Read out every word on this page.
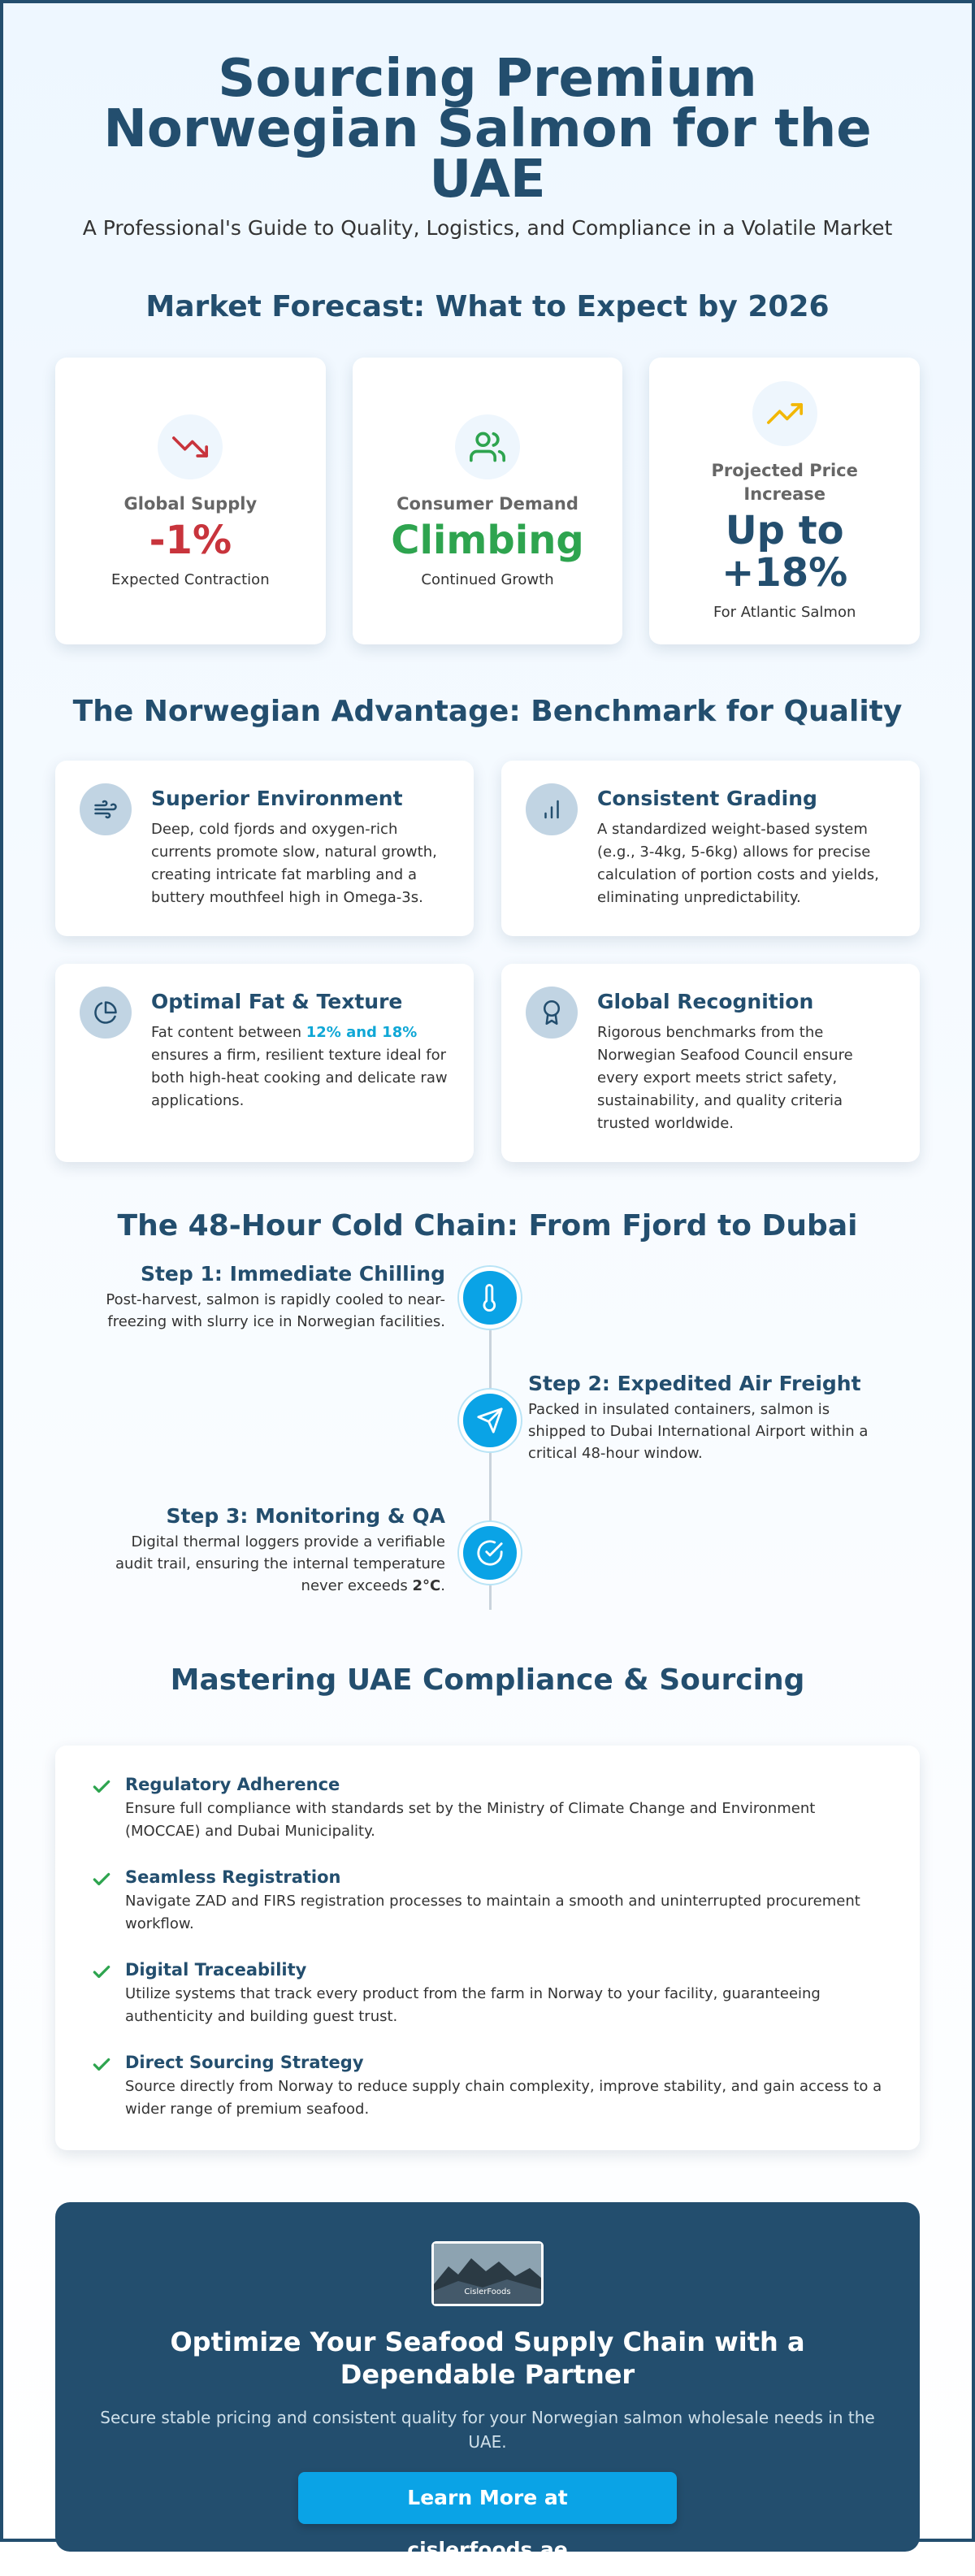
Sourcing Premium Norwegian Salmon for the UAE

A Professional's Guide to Quality, Logistics, and Compliance in a Volatile Market

Market Forecast: What to Expect by 2026
Global Supply
-1%
Expected Contraction
Consumer Demand
Climbing
Continued Growth
Projected Price Increase
Up to +18%
For Atlantic Salmon
The Norwegian Advantage: Benchmark for Quality
Superior Environment
Deep, cold fjords and oxygen-rich currents promote slow, natural growth, creating intricate fat marbling and a buttery mouthfeel high in Omega-3s.
Consistent Grading
A standardized weight-based system (e.g., 3-4kg, 5-6kg) allows for precise calculation of portion costs and yields, eliminating unpredictability.
Optimal Fat & Texture
Fat content between 12% and 18% ensures a firm, resilient texture ideal for both high-heat cooking and delicate raw applications.
Global Recognition
Rigorous benchmarks from the Norwegian Seafood Council ensure every export meets strict safety, sustainability, and quality criteria trusted worldwide.
The 48-Hour Cold Chain: From Fjord to Dubai
Step 1: Immediate Chilling
Post-harvest, salmon is rapidly cooled to near-freezing with slurry ice in Norwegian facilities.
Step 2: Expedited Air Freight
Packed in insulated containers, salmon is shipped to Dubai International Airport within a critical 48-hour window.
Step 3: Monitoring & QA
Digital thermal loggers provide a verifiable audit trail, ensuring the internal temperature never exceeds 2°C.
Mastering UAE Compliance & Sourcing
Regulatory Adherence
Ensure full compliance with standards set by the Ministry of Climate Change and Environment (MOCCAE) and Dubai Municipality.
Seamless Registration
Navigate ZAD and FIRS registration processes to maintain a smooth and uninterrupted procurement workflow.
Digital Traceability
Utilize systems that track every product from the farm in Norway to your facility, guaranteeing authenticity and building guest trust.
Direct Sourcing Strategy
Source directly from Norway to reduce supply chain complexity, improve stability, and gain access to a wider range of premium seafood.
CislerFoods
Optimize Your Seafood Supply Chain with a Dependable Partner
Secure stable pricing and consistent quality for your Norwegian salmon wholesale needs in the UAE.
Learn More at cislerfoods.ae
